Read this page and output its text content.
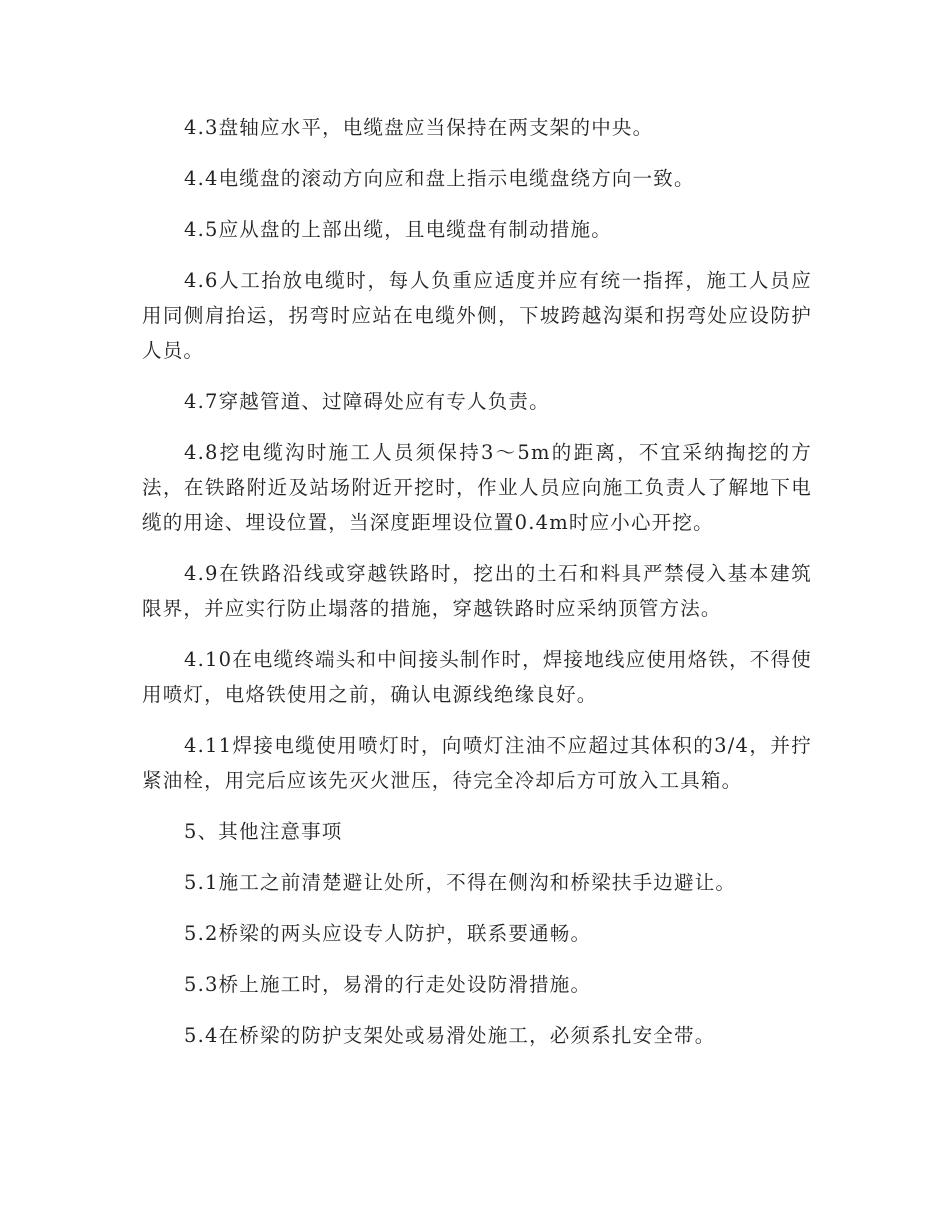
4.3盘轴应水平，电缆盘应当保持在两支架的中央。

4.4电缆盘的滚动方向应和盘上指示电缆盘绕方向一致。

4.5应从盘的上部出缆，且电缆盘有制动措施。

4.6人工抬放电缆时，每人负重应适度并应有统一指挥，施工人员应用同侧肩抬运，拐弯时应站在电缆外侧，下坡跨越沟渠和拐弯处应设防护人员。

4.7穿越管道、过障碍处应有专人负责。

4.8挖电缆沟时施工人员须保持3～5m的距离，不宜采纳掏挖的方法，在铁路附近及站场附近开挖时，作业人员应向施工负责人了解地下电缆的用途、埋设位置，当深度距埋设位置0.4m时应小心开挖。

4.9在铁路沿线或穿越铁路时，挖出的土石和料具严禁侵入基本建筑限界，并应实行防止塌落的措施，穿越铁路时应采纳顶管方法。

4.10在电缆终端头和中间接头制作时，焊接地线应使用烙铁，不得使用喷灯，电烙铁使用之前，确认电源线绝缘良好。

4.11焊接电缆使用喷灯时，向喷灯注油不应超过其体积的3/4，并拧紧油栓，用完后应该先灭火泄压，待完全冷却后方可放入工具箱。

5、其他注意事项

5.1施工之前清楚避让处所，不得在侧沟和桥梁扶手边避让。

5.2桥梁的两头应设专人防护，联系要通畅。

5.3桥上施工时，易滑的行走处设防滑措施。

5.4在桥梁的防护支架处或易滑处施工，必须系扎安全带。
